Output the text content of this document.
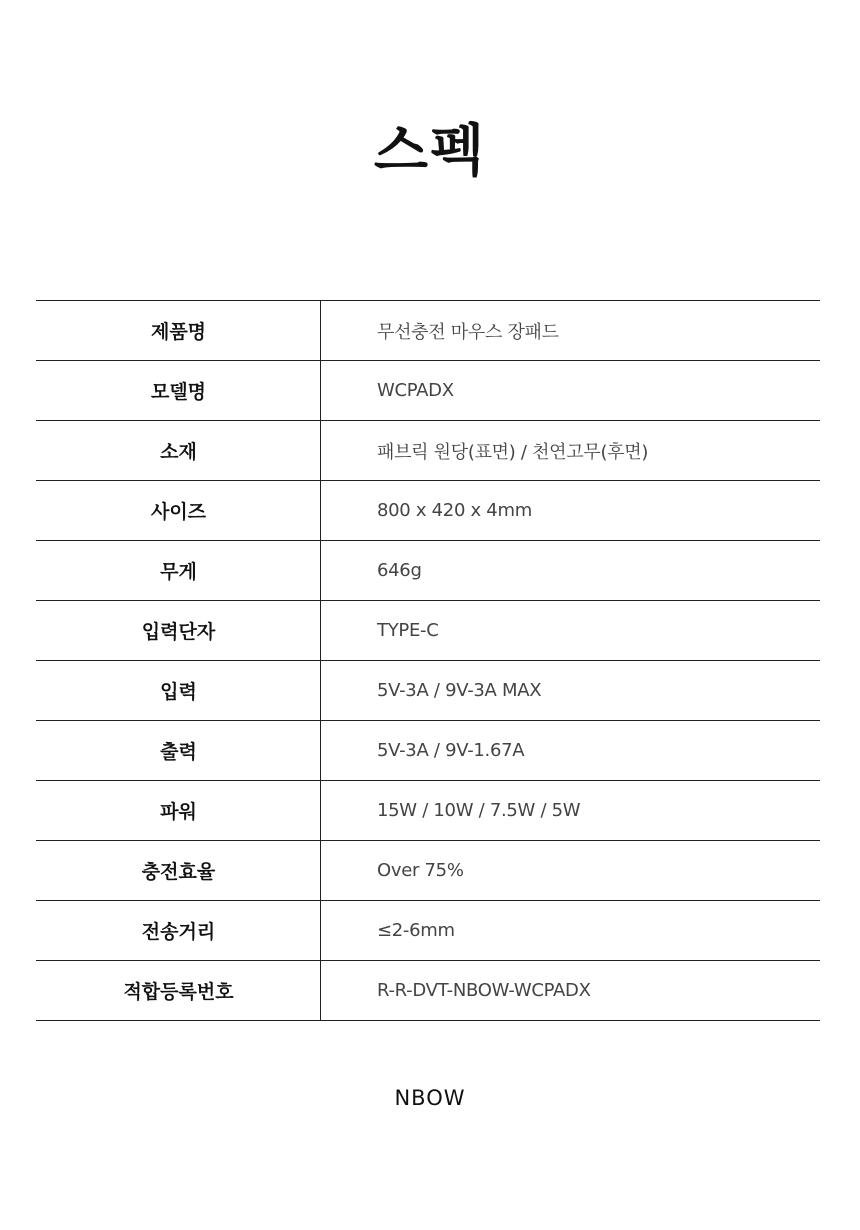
스펙
제품명	무선충전 마우스 장패드
모델명	WCPADX
소재	패브릭 원당(표면) / 천연고무(후면)
사이즈	800 x 420 x 4mm
무게	646g
입력단자	TYPE-C
입력	5V-3A / 9V-3A MAX
출력	5V-3A / 9V-1.67A
파워	15W / 10W / 7.5W / 5W
충전효율	Over 75%
전송거리	≤2-6mm
적합등록번호	R-R-DVT-NBOW-WCPADX
NBOW
